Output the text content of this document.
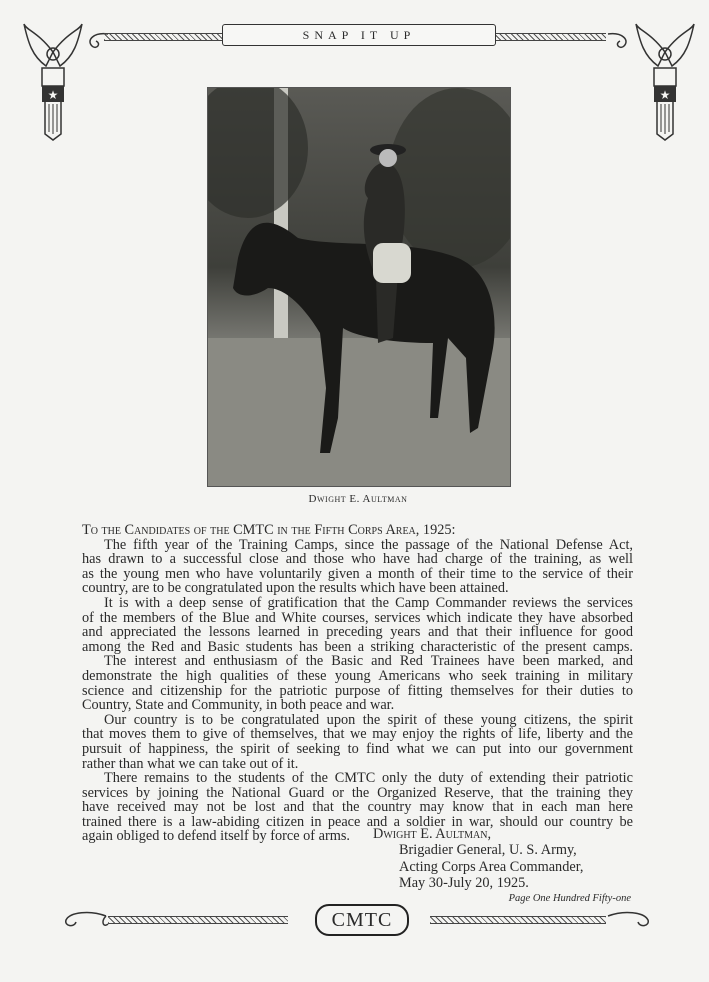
★	★
SNAP IT UP
Dwight E. Aultman
To the Candidates of the CMTC in the Fifth Corps Area, 1925:
The fifth year of the Training Camps, since the passage of the National Defense Act,
has drawn to a successful close and those who have had charge of the training, as well
as the young men who have voluntarily given a month of their time to the service of their
country, are to be congratulated upon the results which have been attained.
It is with a deep sense of gratification that the Camp Commander reviews the services
of the members of the Blue and White courses, services which indicate they have absorbed
and appreciated the lessons learned in preceding years and that their influence for good
among the Red and Basic students has been a striking characteristic of the present camps.
The interest and enthusiasm of the Basic and Red Trainees have been marked, and
demonstrate the high qualities of these young Americans who seek training in military
science and citizenship for the patriotic purpose of fitting themselves for their duties to
Country, State and Community, in both peace and war.
Our country is to be congratulated upon the spirit of these young citizens, the spirit
that moves them to give of themselves, that we may enjoy the rights of life, liberty and the
pursuit of happiness, the spirit of seeking to find what we can put into our government
rather than what we can take out of it.
There remains to the students of the CMTC only the duty of extending their patriotic
services by joining the National Guard or the Organized Reserve, that the training they
have received may not be lost and that the country may know that in each man here
trained there is a law-abiding citizen in peace and a soldier in war, should our country be
again obliged to defend itself by force of arms.	Dwight E. Aultman,
Brigadier General, U. S. Army,
Acting Corps Area Commander,
May 30-July 20, 1925.
Page One Hundred Fifty-one
CMTC
